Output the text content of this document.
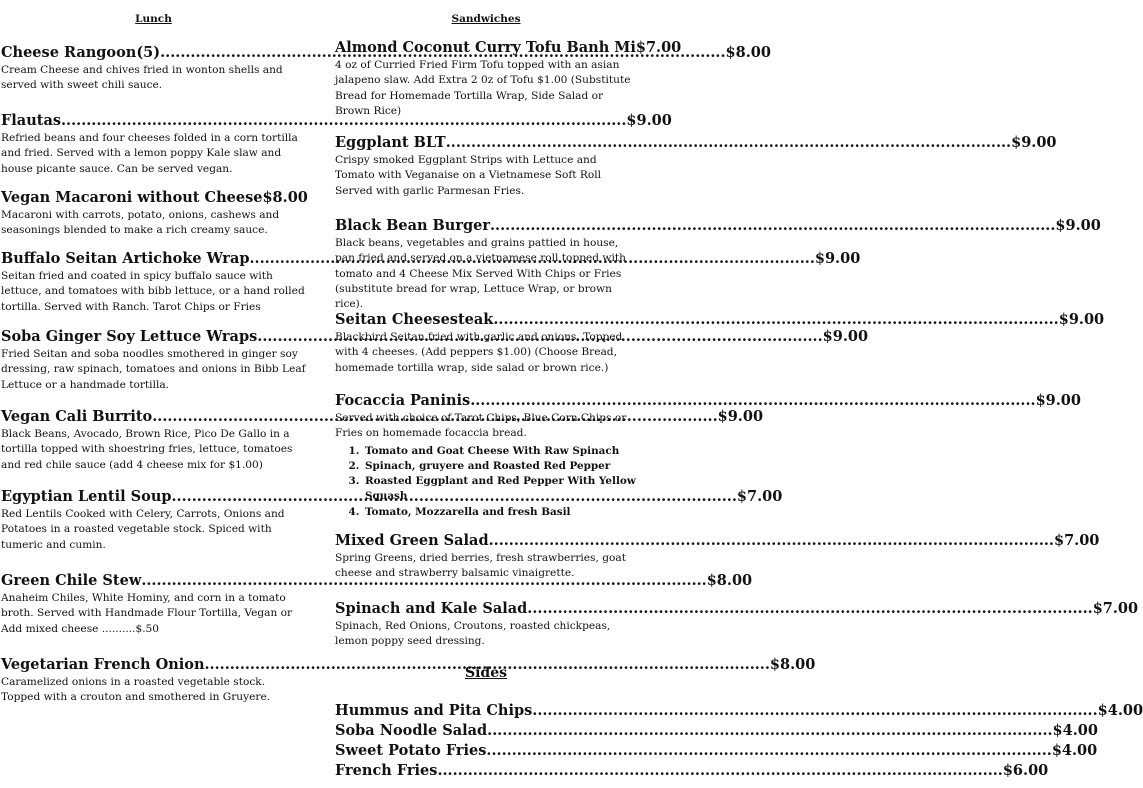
Lunch
Cheese Rangoon(5) .....	$8.00
Cream Cheese and chives fried in wonton shells and served with sweet chili sauce.
Flautas .....	$9.00
Refried beans and four cheeses folded in a corn tortilla and fried. Served with a lemon poppy Kale slaw and house picante sauce. Can be served vegan.
Vegan Macaroni without Cheese $8.00
Macaroni with carrots, potato, onions, cashews and seasonings blended to make a rich creamy sauce.
Buffalo Seitan Artichoke Wrap .....	$9.00
Seitan fried and coated in spicy buffalo sauce with lettuce, and tomatoes with bibb lettuce, or a hand rolled tortilla. Served with Ranch. Tarot Chips or Fries
Soba Ginger Soy Lettuce Wraps .....	$9.00
Fried Seitan and soba noodles smothered in ginger soy dressing, raw spinach, tomatoes and onions in Bibb Leaf Lettuce or a handmade tortilla.
Vegan Cali Burrito .....	$9.00
Black Beans, Avocado, Brown Rice, Pico De Gallo in a tortilla topped with shoestring fries, lettuce, tomatoes and red chile sauce (add 4 cheese mix for $1.00)
Egyptian Lentil Soup .....	$7.00
Red Lentils Cooked with Celery, Carrots, Onions and Potatoes in a roasted vegetable stock. Spiced with tumeric and cumin.
Green Chile Stew .....	$8.00
Anaheim Chiles, White Hominy, and corn in a tomato broth. Served with Handmade Flour Tortilla, Vegan or Add mixed cheese ..........$.50
Vegetarian French Onion .....	$8.00
Caramelized onions in a roasted vegetable stock. Topped with a crouton and smothered in Gruyere.
Sandwiches
Almond Coconut Curry Tofu Banh Mi $7.00
4 oz of Curried Fried Firm Tofu topped with an asian jalapeno slaw. Add Extra 2 0z of Tofu $1.00 (Substitute Bread for Homemade Tortilla Wrap, Side Salad or Brown Rice)
Eggplant BLT .....	$9.00
Crispy smoked Eggplant Strips with Lettuce and Tomato with Veganaise on a Vietnamese Soft Roll Served with garlic Parmesan Fries.
Black Bean Burger .....	$9.00
Black beans, vegetables and grains pattied in house, pan fried and served on a vietnamese roll topped with tomato and 4 Cheese Mix Served With Chips or Fries (substitute bread for wrap, Lettuce Wrap, or brown rice).
Seitan Cheesesteak .....	$9.00
Blackbird Seitan fried with garlic and onions. Topped with 4 cheeses. (Add peppers $1.00) (Choose Bread, homemade tortilla wrap, side salad or brown rice.)
Focaccia Paninis .....	$9.00
Served with choice of Tarot Chips, Blue Corn Chips or Fries on homemade focaccia bread.
1. Tomato and Goat Cheese With Raw Spinach
2. Spinach, gruyere and Roasted Red Pepper
3. Roasted Eggplant and Red Pepper With Yellow Squash
4. Tomato, Mozzarella and fresh Basil
Mixed Green Salad .....	$7.00
Spring Greens, dried berries, fresh strawberries, goat cheese and strawberry balsamic vinaigrette.
Spinach and Kale Salad .....	$7.00
Spinach, Red Onions, Croutons, roasted chickpeas, lemon poppy seed dressing.
Sides
Hummus and Pita Chips .....	$4.00
Soba Noodle Salad .....	$4.00
Sweet Potato Fries .....	$4.00
French Fries .....	$6.00
